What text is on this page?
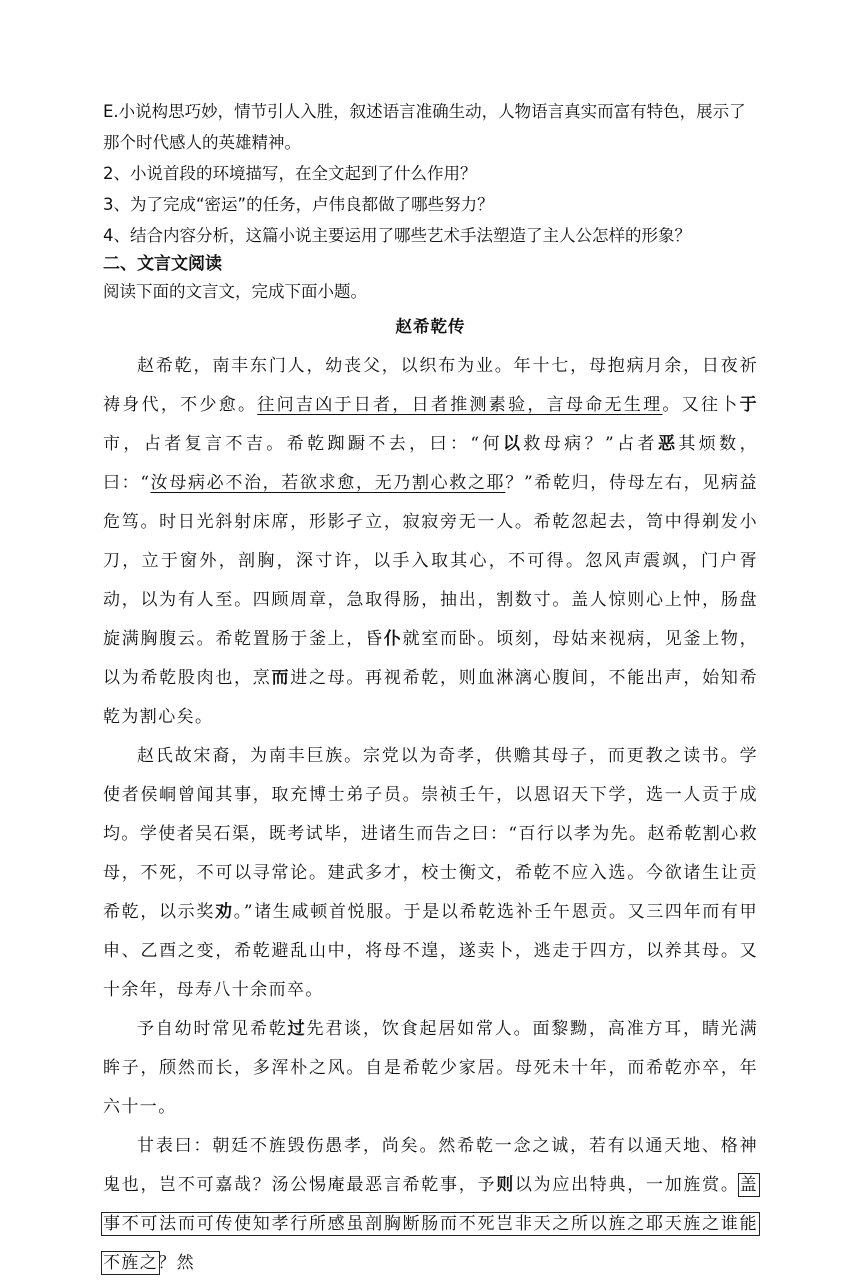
E.小说构思巧妙，情节引人入胜，叙述语言准确生动，人物语言真实而富有特色，展示了那个时代感人的英雄精神。

2、小说首段的环境描写，在全文起到了什么作用？

3、为了完成“密运”的任务，卢伟良都做了哪些努力？

4、结合内容分析，这篇小说主要运用了哪些艺术手法塑造了主人公怎样的形象？

二、文言文阅读
阅读下面的文言文，完成下面小题。
赵希乾传

赵希乾，南丰东门人，幼丧父，以织布为业。年十七，母抱病月余，日夜祈祷身代，不少愈。往问吉凶于日者，日者推测素验，言母命无生理。又往卜于市，占者复言不吉。希乾踟蹰不去，曰：“何以救母病？”占者恶其烦数，曰：“汝母病必不治，若欲求愈，无乃割心救之耶？”希乾归，侍母左右，见病益危笃。时日光斜射床席，形影孑立，寂寂旁无一人。希乾忽起去，笥中得剃发小刀，立于窗外，剖胸，深寸许，以手入取其心，不可得。忽风声震飒，门户胥动，以为有人至。四顾周章，急取得肠，抽出，割数寸。盖人惊则心上忡，肠盘旋满胸腹云。希乾置肠于釜上，昏仆就室而卧。顷刻，母姑来视病，见釜上物，以为希乾股肉也，烹而进之母。再视希乾，则血淋漓心腹间，不能出声，始知希乾为割心矣。

赵氏故宋裔，为南丰巨族。宗党以为奇孝，供赡其母子，而更教之读书。学使者侯峒曾闻其事，取充博士弟子员。崇祯壬午，以恩诏天下学，选一人贡于成均。学使者吴石渠，既考试毕，进诸生而告之曰：“百行以孝为先。赵希乾割心救母，不死，不可以寻常论。建武多才，校士衡文，希乾不应入选。今欲诸生让贡希乾，以示奖劝。”诸生咸顿首悦服。于是以希乾选补壬午恩贡。又三四年而有甲申、乙酉之变，希乾避乱山中，将母不遑，遂卖卜，逃走于四方，以养其母。又十余年，母寿八十余而卒。

予自幼时常见希乾过先君谈，饮食起居如常人。面黎黝，高准方耳，睛光满眸子，颀然而长，多浑朴之风。自是希乾少家居。母死未十年，而希乾亦卒，年六十一。

甘表曰：朝廷不旌毁伤愚孝，尚矣。然希乾一念之诚，若有以通天地、格神鬼也，岂不可嘉哉？汤公惕庵最恶言希乾事，予则以为应出特典，一加旌赏。盖事不可法而可传使知孝行所感虽剖胸断肠而不死岂非天之所以旌之耶天旌之谁能不旌之？然
